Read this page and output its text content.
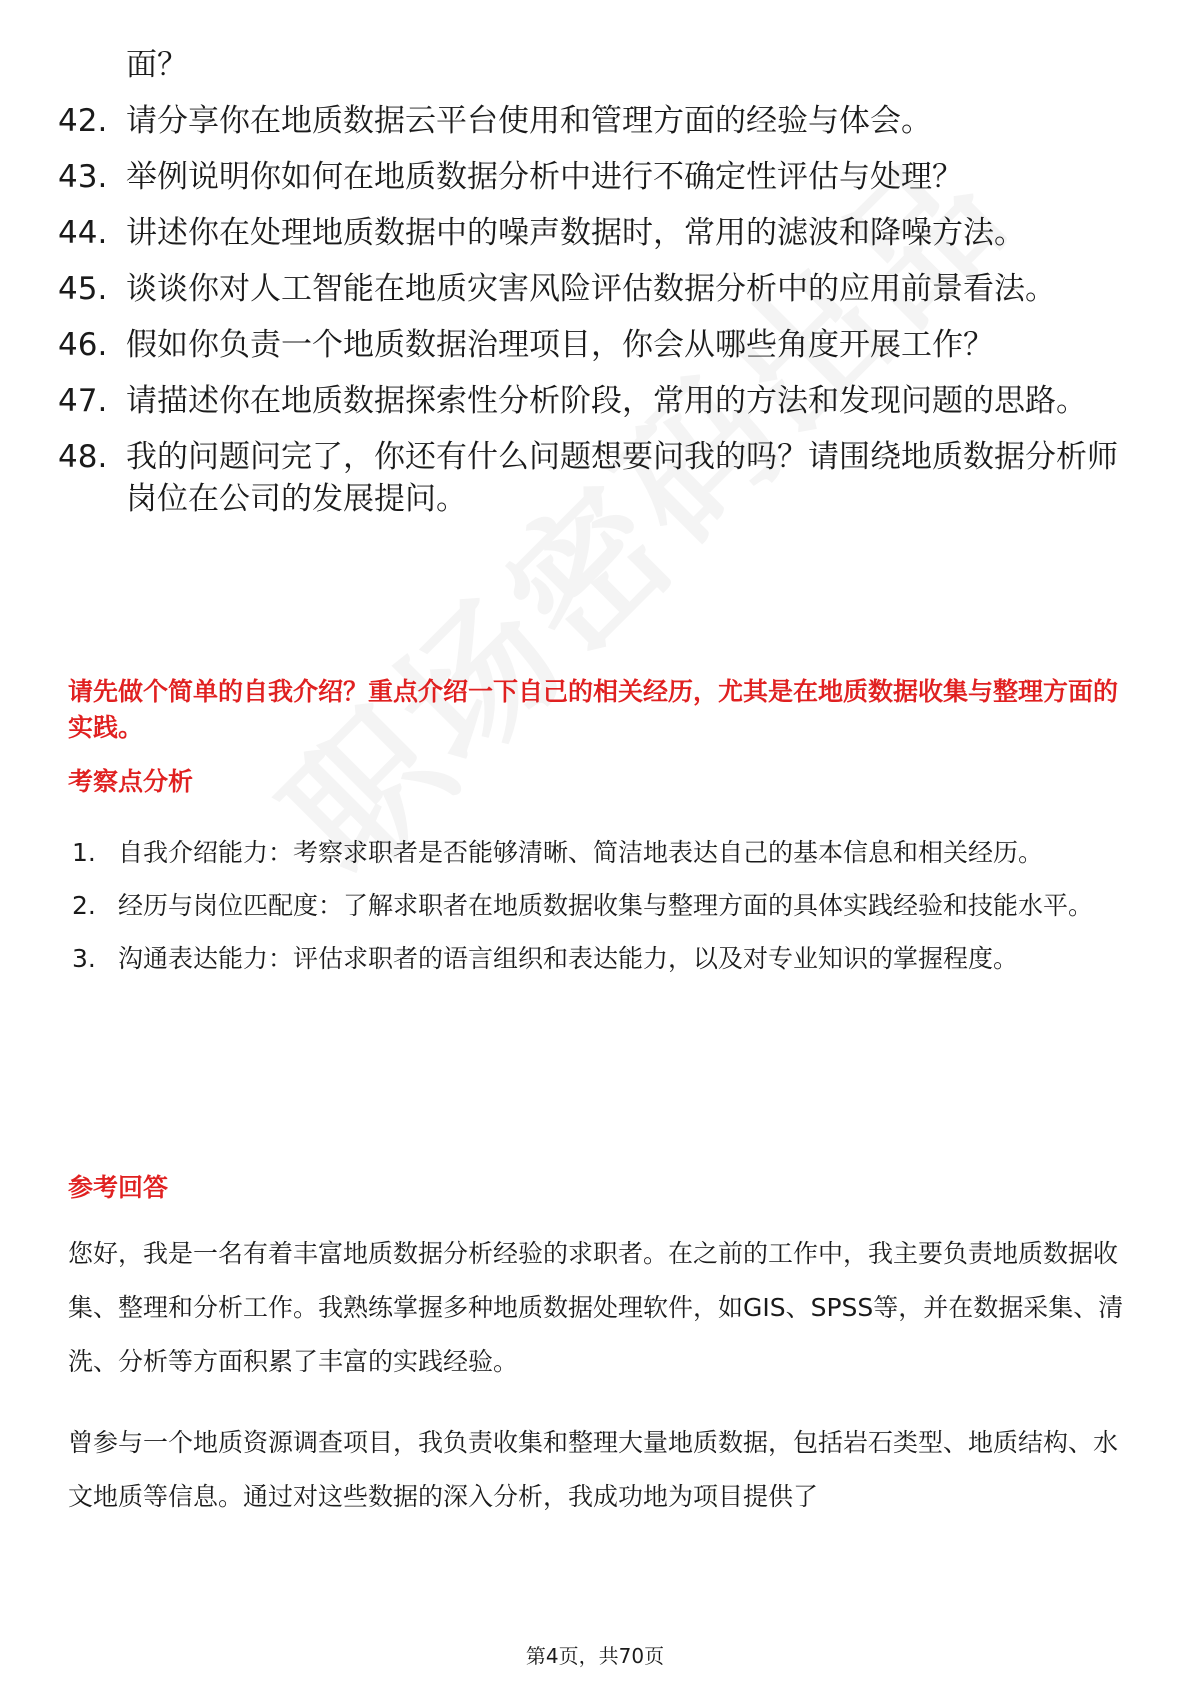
面？
42. 请分享你在地质数据云平台使用和管理方面的经验与体会。
43. 举例说明你如何在地质数据分析中进行不确定性评估与处理？
44. 讲述你在处理地质数据中的噪声数据时，常用的滤波和降噪方法。
45. 谈谈你对人工智能在地质灾害风险评估数据分析中的应用前景看法。
46. 假如你负责一个地质数据治理项目，你会从哪些角度开展工作？
47. 请描述你在地质数据探索性分析阶段，常用的方法和发现问题的思路。
48. 我的问题问完了，你还有什么问题想要问我的吗？请围绕地质数据分析师岗位在公司的发展提问。
请先做个简单的自我介绍？重点介绍一下自己的相关经历，尤其是在地质数据收集与整理方面的实践。
考察点分析
1. 自我介绍能力：考察求职者是否能够清晰、简洁地表达自己的基本信息和相关经历。
2. 经历与岗位匹配度：了解求职者在地质数据收集与整理方面的具体实践经验和技能水平。
3. 沟通表达能力：评估求职者的语言组织和表达能力，以及对专业知识的掌握程度。
参考回答
您好，我是一名有着丰富地质数据分析经验的求职者。在之前的工作中，我主要负责地质数据收集、整理和分析工作。我熟练掌握多种地质数据处理软件，如GIS、SPSS等，并在数据采集、清洗、分析等方面积累了丰富的实践经验。
曾参与一个地质资源调查项目，我负责收集和整理大量地质数据，包括岩石类型、地质结构、水文地质等信息。通过对这些数据的深入分析，我成功地为项目提供了
第4页，共70页
